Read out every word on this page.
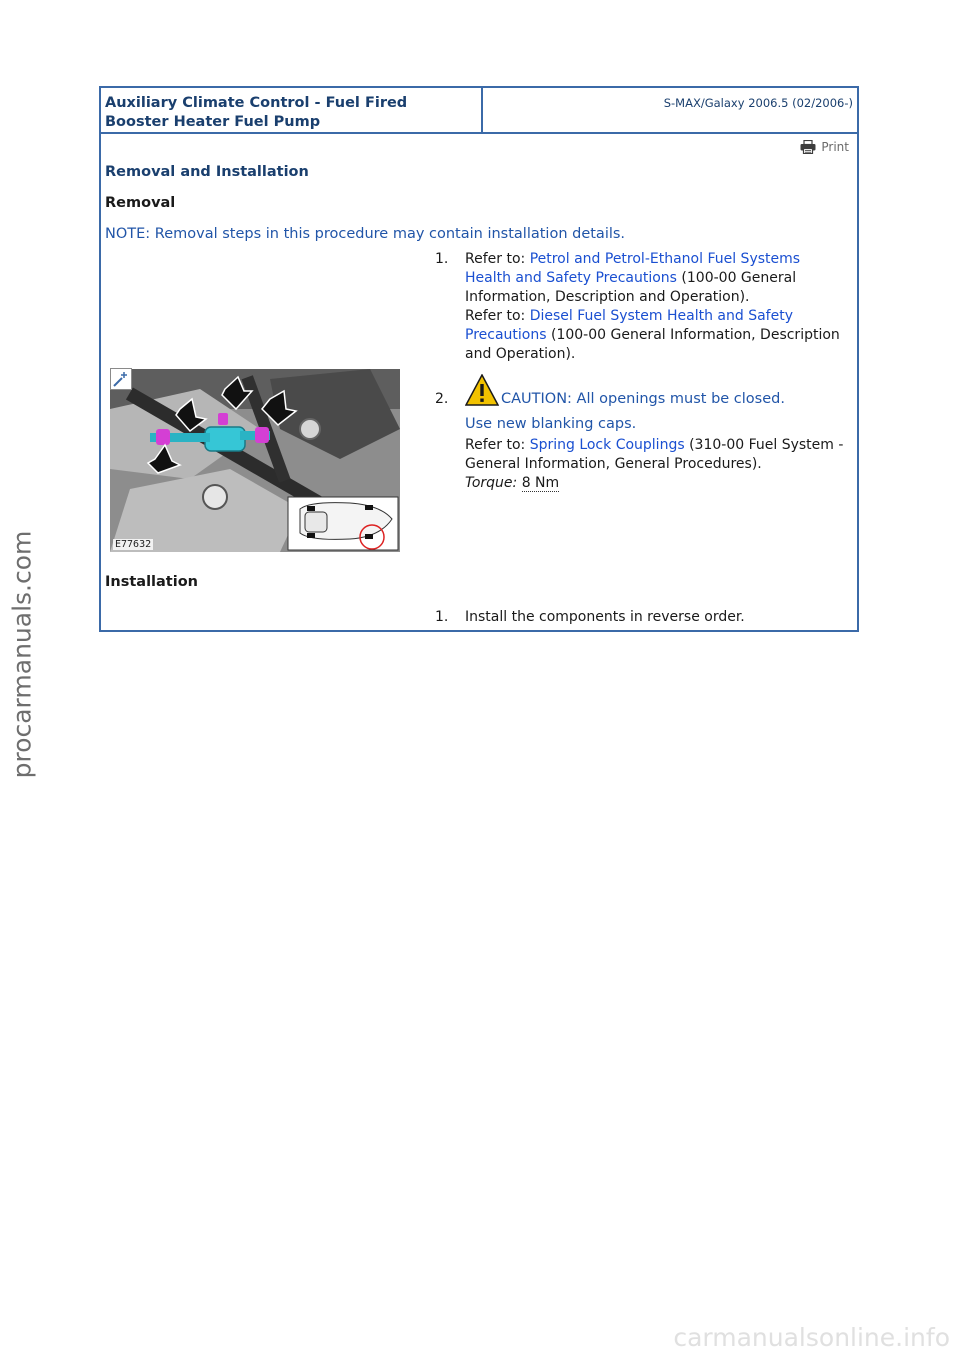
Auxiliary Climate Control - Fuel Fired Booster Heater Fuel Pump
S-MAX/Galaxy 2006.5 (02/2006-)
Print
Removal and Installation
Removal
NOTE: Removal steps in this procedure may contain installation details.
1. Refer to: Petrol and Petrol-Ethanol Fuel Systems Health and Safety Precautions (100-00 General Information, Description and Operation).
Refer to: Diesel Fuel System Health and Safety Precautions (100-00 General Information, Description and Operation).
E77632
2.	CAUTION: All openings must be closed.
Use new blanking caps.
Refer to: Spring Lock Couplings (310-00 Fuel System - General Information, General Procedures).
Torque: 8 Nm
Installation
1. Install the components in reverse order.
procarmanuals.com
carmanualsonline.info
